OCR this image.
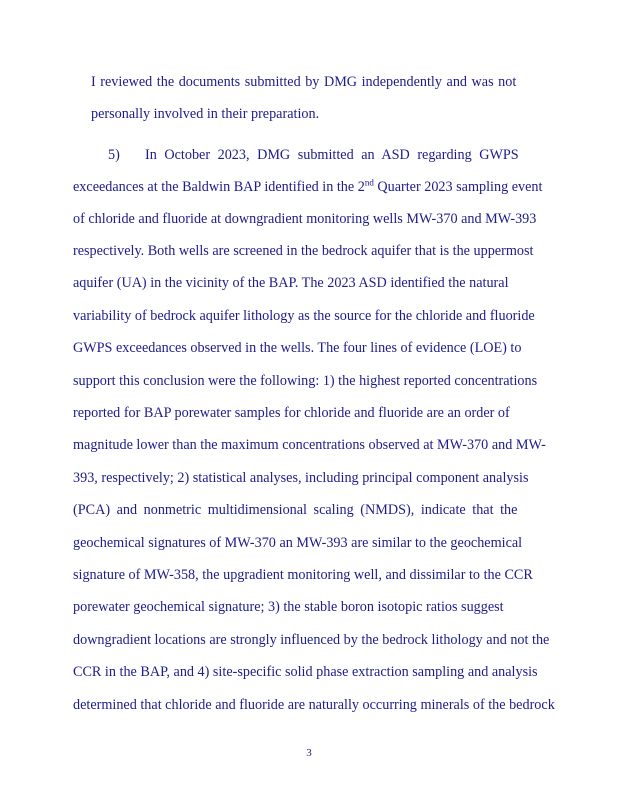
I reviewed the documents submitted by DMG independently and was not
personally involved in their preparation.
5) In October 2023, DMG submitted an ASD regarding GWPS
exceedances at the Baldwin BAP identified in the 2nd Quarter 2023 sampling event
of chloride and fluoride at downgradient monitoring wells MW-370 and MW-393
respectively. Both wells are screened in the bedrock aquifer that is the uppermost
aquifer (UA) in the vicinity of the BAP. The 2023 ASD identified the natural
variability of bedrock aquifer lithology as the source for the chloride and fluoride
GWPS exceedances observed in the wells. The four lines of evidence (LOE) to
support this conclusion were the following: 1) the highest reported concentrations
reported for BAP porewater samples for chloride and fluoride are an order of
magnitude lower than the maximum concentrations observed at MW-370 and MW-
393, respectively; 2) statistical analyses, including principal component analysis
(PCA) and nonmetric multidimensional scaling (NMDS), indicate that the
geochemical signatures of MW-370 an MW-393 are similar to the geochemical
signature of MW-358, the upgradient monitoring well, and dissimilar to the CCR
porewater geochemical signature; 3) the stable boron isotopic ratios suggest
downgradient locations are strongly influenced by the bedrock lithology and not the
CCR in the BAP, and 4) site-specific solid phase extraction sampling and analysis
determined that chloride and fluoride are naturally occurring minerals of the bedrock
3
